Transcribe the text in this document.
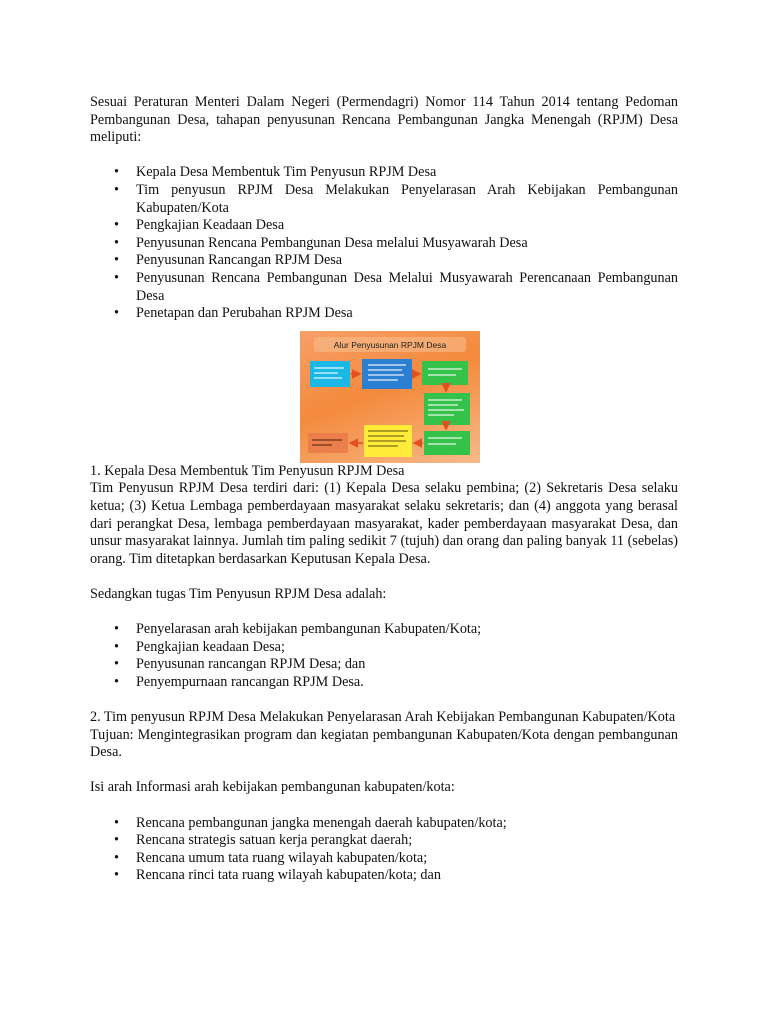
Sesuai Peraturan Menteri Dalam Negeri (Permendagri) Nomor 114 Tahun 2014 tentang Pedoman Pembangunan Desa, tahapan penyusunan Rencana Pembangunan Jangka Menengah (RPJM) Desa meliputi:

• Kepala Desa Membentuk Tim Penyusun RPJM Desa
• Tim penyusun RPJM Desa Melakukan Penyelarasan Arah Kebijakan Pembangunan Kabupaten/Kota
• Pengkajian Keadaan Desa
• Penyusunan Rencana Pembangunan Desa melalui Musyawarah Desa
• Penyusunan Rancangan RPJM Desa
• Penyusunan Rencana Pembangunan Desa Melalui Musyawarah Perencanaan Pembangunan Desa
• Penetapan dan Perubahan RPJM Desa
Alur Penyusunan RPJM Desa

1. Kepala Desa Membentuk Tim Penyusun RPJM Desa

Tim Penyusun RPJM Desa terdiri dari: (1) Kepala Desa selaku pembina; (2) Sekretaris Desa selaku ketua; (3) Ketua Lembaga pemberdayaan masyarakat selaku sekretaris; dan (4) anggota yang berasal dari perangkat Desa, lembaga pemberdayaan masyarakat, kader pemberdayaan masyarakat Desa, dan unsur masyarakat lainnya. Jumlah tim paling sedikit 7 (tujuh) dan orang dan paling banyak 11 (sebelas) orang. Tim ditetapkan berdasarkan Keputusan Kepala Desa.

Sedangkan tugas Tim Penyusun RPJM Desa adalah:

• Penyelarasan arah kebijakan pembangunan Kabupaten/Kota;
• Pengkajian keadaan Desa;
• Penyusunan rancangan RPJM Desa; dan
• Penyempurnaan rancangan RPJM Desa.

2. Tim penyusun RPJM Desa Melakukan Penyelarasan Arah Kebijakan Pembangunan Kabupaten/Kota

Tujuan: Mengintegrasikan program dan kegiatan pembangunan Kabupaten/Kota dengan pembangunan Desa.

Isi arah Informasi arah kebijakan pembangunan kabupaten/kota:

• Rencana pembangunan jangka menengah daerah kabupaten/kota;
• Rencana strategis satuan kerja perangkat daerah;
• Rencana umum tata ruang wilayah kabupaten/kota;
• Rencana rinci tata ruang wilayah kabupaten/kota; dan
